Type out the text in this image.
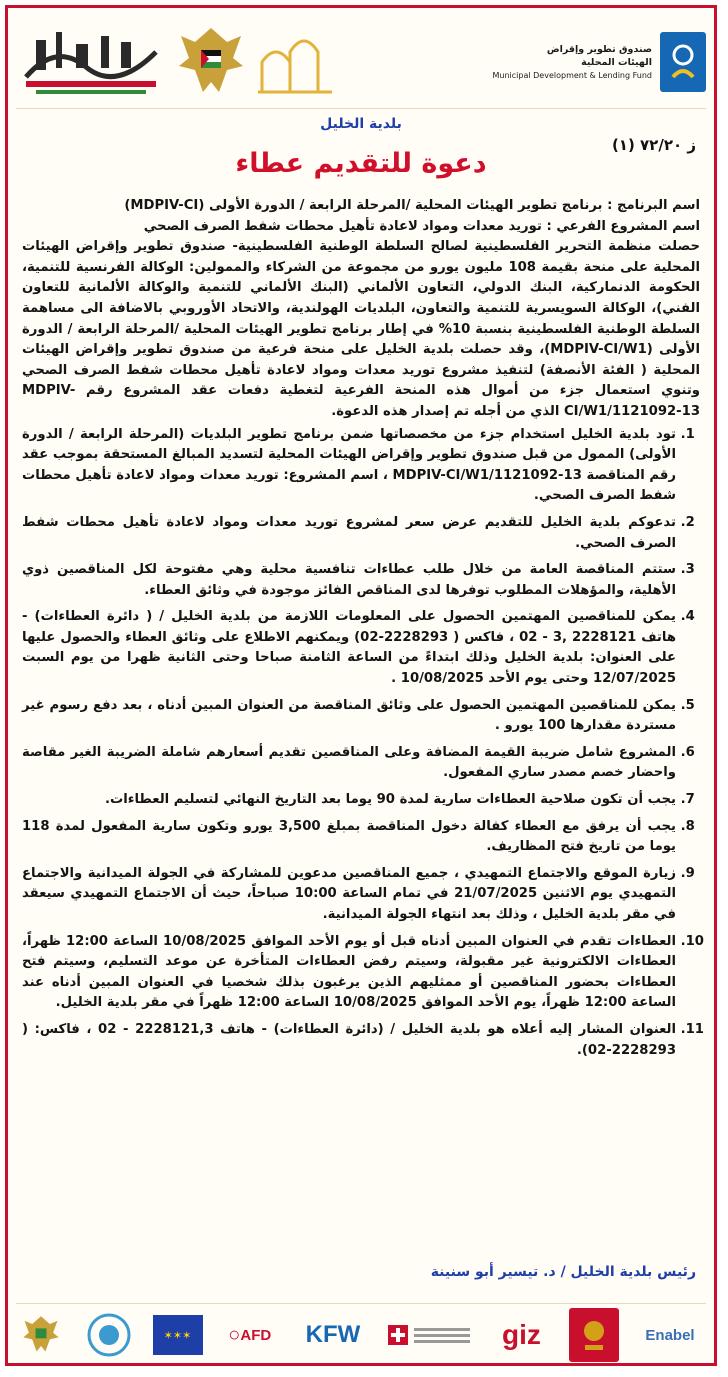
صندوق تطوير وإقراض
الهيئات المحلية
Municipal Development & Lending Fund
بلدية الخليل
ز ٧٢/٢٠ (١)
دعوة للتقديم عطاء

اسم البرنامج : برنامج تطوير الهيئات المحلية /المرحلة الرابعة / الدورة الأولى (MDPIV-CI)

اسم المشروع الفرعي : توريد معدات ومواد لاعادة تأهيل محطات شفط الصرف الصحي

حصلت منظمة التحرير الفلسطينية لصالح السلطة الوطنية الفلسطينية- صندوق تطوير وإقراض الهيئات المحلية على منحة بقيمة 108 مليون يورو من مجموعة من الشركاء والممولين: الوكالة الفرنسية للتنمية، الحكومة الدنماركية، البنك الدولي، التعاون الألماني (البنك الألماني للتنمية والوكالة الألمانية للتعاون الفني)، الوكالة السويسرية للتنمية والتعاون، البلديات الهولندية، والاتحاد الأوروبي بالاضافة الى مساهمة السلطة الوطنية الفلسطينية بنسبة 10% في إطار برنامج تطوير الهيئات المحلية /المرحلة الرابعة / الدورة الأولى (MDPIV-CI/W1)، وقد حصلت بلدية الخليل على منحة فرعية من صندوق تطوير وإقراض الهيئات المحلية ( الفئة الأنصفة) لتنفيذ مشروع توريد معدات ومواد لاعادة تأهيل محطات شفط الصرف الصحي وتنوي استعمال جزء من أموال هذه المنحة الفرعية لتغطية دفعات عقد المشروع رقم MDPIV-CI/W1/1121092-13 الذي من أجله تم إصدار هذه الدعوة.

1. تود بلدية الخليل استخدام جزء من مخصصاتها ضمن برنامج تطوير البلديات (المرحلة الرابعة / الدورة الأولى) الممول من قبل صندوق تطوير وإقراض الهيئات المحلية لتسديد المبالغ المستحقة بموجب عقد رقم المناقصة MDPIV-CI/W1/1121092-13 ، اسم المشروع: توريد معدات ومواد لاعادة تأهيل محطات شفط الصرف الصحي.
2. تدعوكم بلدية الخليل للتقديم عرض سعر لمشروع توريد معدات ومواد لاعادة تأهيل محطات شفط الصرف الصحي.
3. ستتم المناقصة العامة من خلال طلب عطاءات تنافسية محلية وهي مفتوحة لكل المناقصين ذوي الأهلية، والمؤهلات المطلوب توفرها لدى المناقص الفائز موجودة في وثائق العطاء.
4. يمكن للمناقصين المهتمين الحصول على المعلومات اللازمة من بلدية الخليل / ( دائرة العطاءات) - هاتف 2228121 ,3 - 02 ، فاكس ( 2228293-02) ويمكنهم الاطلاع على وثائق العطاء والحصول عليها على العنوان: بلدية الخليل وذلك ابتداءً من الساعة الثامنة صباحا وحتى الثانية ظهرا من يوم السبت 12/07/2025 وحتى يوم الأحد 10/08/2025 .
5. يمكن للمناقصين المهتمين الحصول على وثائق المناقصة من العنوان المبين أدناه ، بعد دفع رسوم غير مستردة مقدارها 100 يورو .
6. المشروع شامل ضريبة القيمة المضافة وعلى المناقصين تقديم أسعارهم شاملة الضريبة الغير مقاصة واحضار خصم مصدر ساري المفعول.
7. يجب أن تكون صلاحية العطاءات سارية لمدة 90 يوما بعد التاريخ النهائي لتسليم العطاءات.
8. يجب أن يرفق مع العطاء كفالة دخول المناقصة بمبلغ 3,500 يورو وتكون سارية المفعول لمدة 118 يوما من تاريخ فتح المظاريف.
9. زيارة الموقع والاجتماع التمهيدي ، جميع المناقصين مدعوين للمشاركة في الجولة الميدانية والاجتماع التمهيدي يوم الاثنين 21/07/2025 في تمام الساعة 10:00 صباحاً، حيث أن الاجتماع التمهيدي سيعقد في مقر بلدية الخليل ، وذلك بعد انتهاء الجولة الميدانية.
10. العطاءات تقدم في العنوان المبين أدناه قبل أو يوم الأحد الموافق 10/08/2025 الساعة 12:00 ظهراً، العطاءات الالكترونية غير مقبولة، وسيتم رفض العطاءات المتأخرة عن موعد التسليم، وسيتم فتح العطاءات بحضور المناقصين أو ممثليهم الذين يرغبون بذلك شخصيا في العنوان المبين أدناه عند الساعة 12:00 ظهراً، يوم الأحد الموافق 10/08/2025 الساعة 12:00 ظهراً في مقر بلدية الخليل.
11. العنوان المشار إليه أعلاه هو بلدية الخليل / (دائرة العطاءات) - هاتف 2228121,3 - 02 ، فاكس: ( 2228293-02).
رئيس بلدية الخليل / د. تيسير أبو سنينة
✶✶✶	○ AFD KFW	giz	Enabel
